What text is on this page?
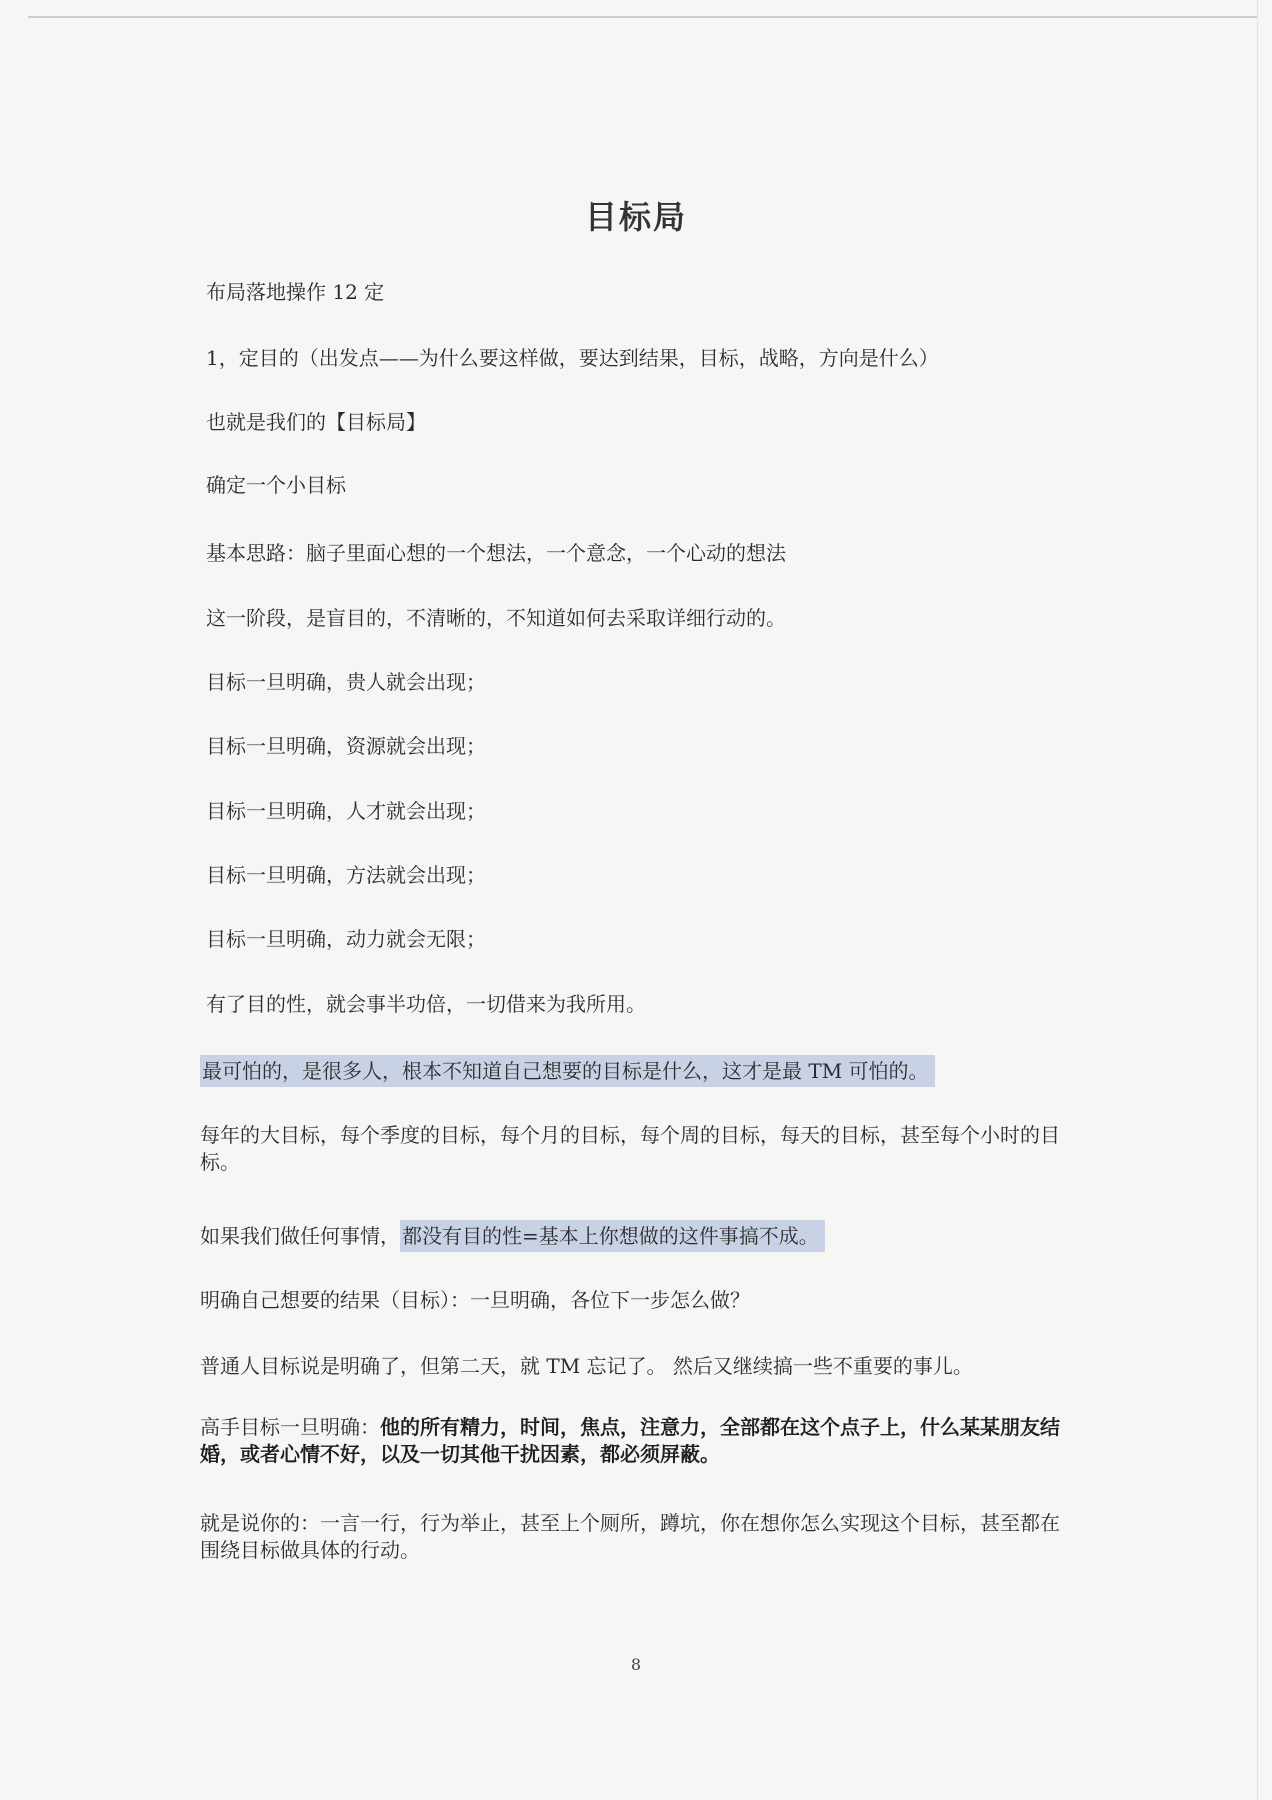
目标局
布局落地操作 12 定
1，定目的（出发点——为什么要这样做，要达到结果，目标，战略，方向是什么）
也就是我们的【目标局】
确定一个小目标
基本思路：脑子里面心想的一个想法，一个意念，一个心动的想法
这一阶段，是盲目的，不清晰的，不知道如何去采取详细行动的。
目标一旦明确，贵人就会出现；
目标一旦明确，资源就会出现；
目标一旦明确，人才就会出现；
目标一旦明确，方法就会出现；
目标一旦明确，动力就会无限；
有了目的性，就会事半功倍，一切借来为我所用。
最可怕的，是很多人，根本不知道自己想要的目标是什么，这才是最 TM 可怕的。
每年的大目标，每个季度的目标，每个月的目标，每个周的目标，每天的目标，甚至每个小时的目标。
如果我们做任何事情， 都没有目的性=基本上你想做的这件事搞不成。
明确自己想要的结果（目标）：一旦明确，各位下一步怎么做？
普通人目标说是明确了，但第二天，就 TM 忘记了。 然后又继续搞一些不重要的事儿。
高手目标一旦明确：他的所有精力，时间，焦点，注意力，全部都在这个点子上，什么某某朋友结婚，或者心情不好，以及一切其他干扰因素，都必须屏蔽。
就是说你的：一言一行，行为举止，甚至上个厕所，蹲坑，你在想你怎么实现这个目标，甚至都在围绕目标做具体的行动。
8
